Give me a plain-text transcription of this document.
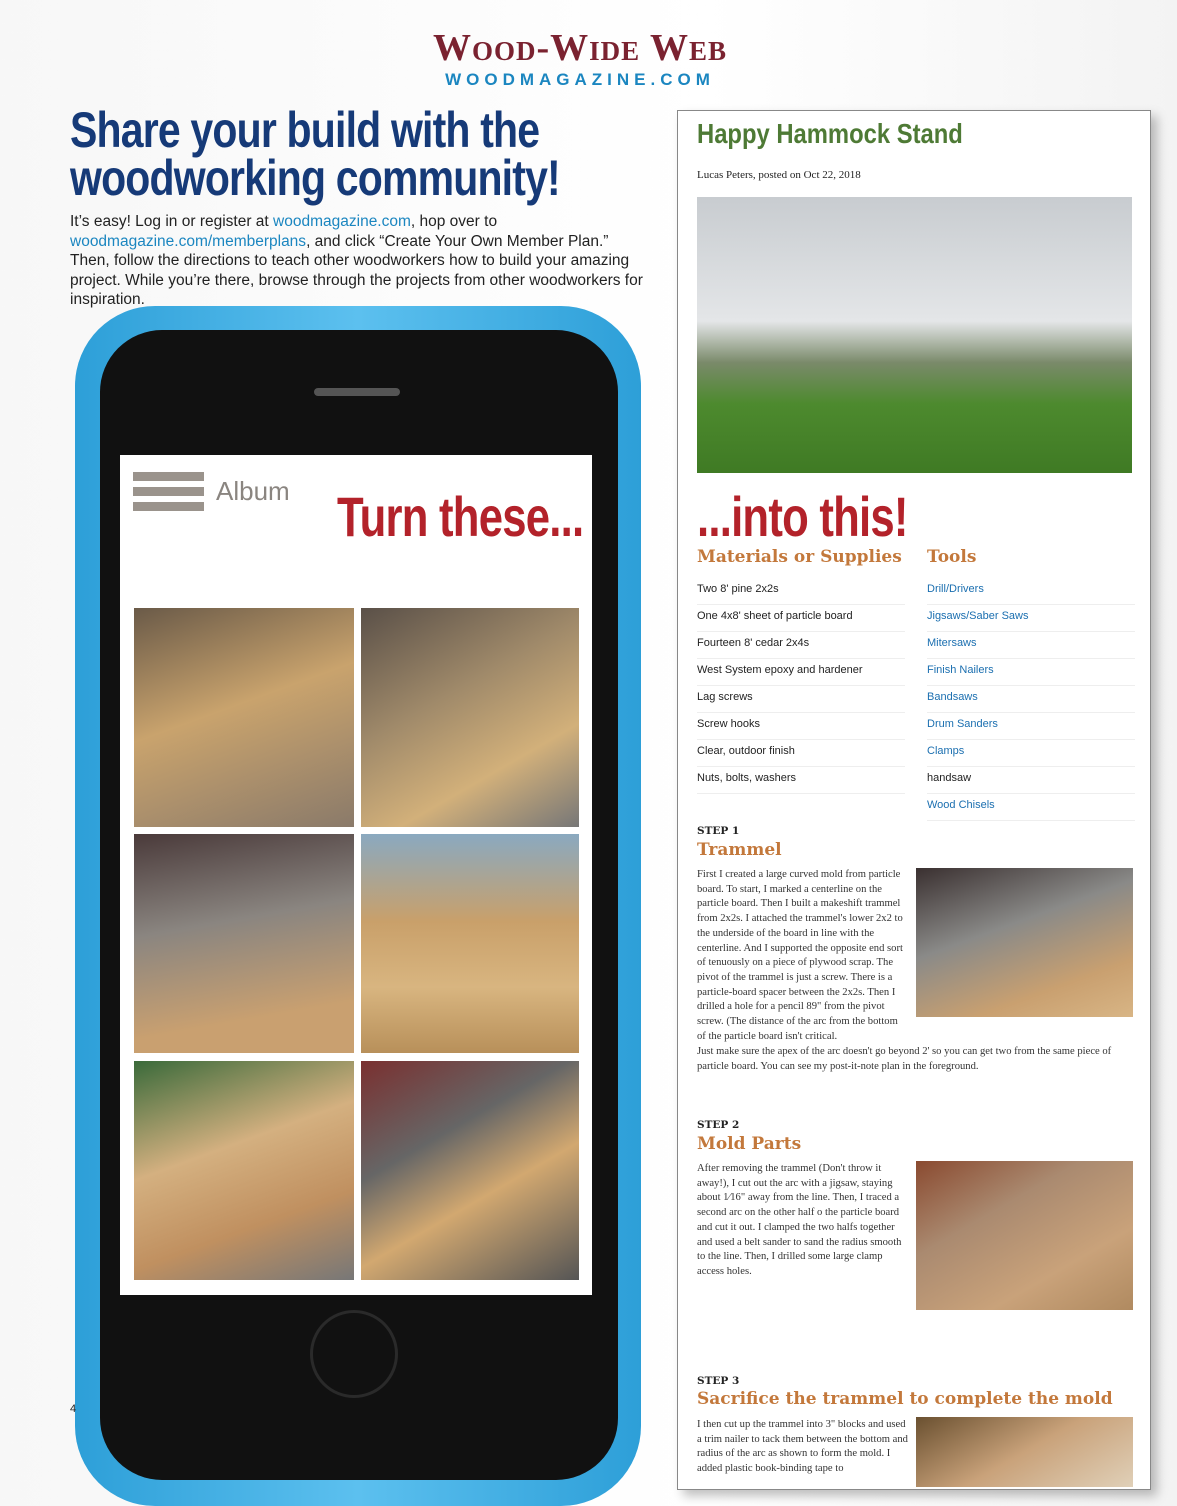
Wood-Wide Web
WOODMAGAZINE.COM
Share your build with the woodworking community!
It’s easy! Log in or register at woodmagazine.com, hop over to woodmagazine.com/memberplans, and click “Create Your Own Member Plan.” Then, follow the directions to teach other woodworkers how to build your amazing project. While you’re there, browse through the projects from other woodworkers for inspiration.
Album Turn these...
Happy Hammock Stand
Lucas Peters, posted on Oct 22, 2018
...into this!
Materials or Supplies Tools
Two 8' pine 2x2s
One 4x8' sheet of particle board
Fourteen 8' cedar 2x4s
West System epoxy and hardener
Lag screws
Screw hooks
Clear, outdoor finish
Nuts, bolts, washers
Drill/Drivers
Jigsaws/Saber Saws
Mitersaws
Finish Nailers
Bandsaws
Drum Sanders
Clamps
handsaw
Wood Chisels
STEP 1
Trammel
First I created a large curved mold from particle board. To start, I marked a centerline on the particle board. Then I built a makeshift trammel from 2x2s. I attached the trammel's lower 2x2 to the underside of the board in line with the centerline. And I supported the opposite end sort of tenuously on a piece of plywood scrap. The pivot of the trammel is just a screw. There is a particle-board spacer between the 2x2s. Then I drilled a hole for a pencil 89" from the pivot screw. (The distance of the arc from the bottom of the particle board isn't critical.
Just make sure the apex of the arc doesn't go beyond 2' so you can get two from the same piece of particle board. You can see my post-it-note plan in the foreground.
STEP 2
Mold Parts
After removing the trammel (Don't throw it away!), I cut out the arc with a jigsaw, staying about 1⁄16" away from the line. Then, I traced a second arc on the other half o the particle board and cut it out. I clamped the two halfs together and used a belt sander to sand the radius smooth to the line. Then, I drilled some large clamp access holes.
STEP 3
Sacrifice the trammel to complete the mold
I then cut up the trammel into 3" blocks and used a trim nailer to tack them between the bottom and radius of the arc as shown to form the mold. I added plastic book-binding tape to
4
